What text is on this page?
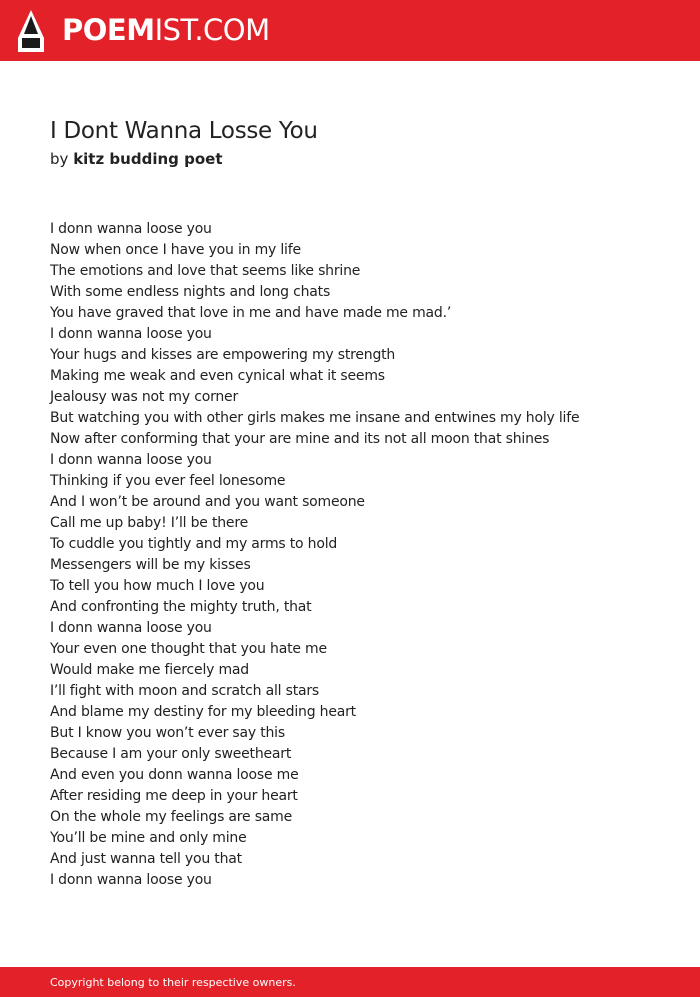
POEMIST.COM
I Dont Wanna Losse You
by kitz budding poet
I donn wanna loose you
Now when once I have you in my life
The emotions and love that seems like shrine
With some endless nights and long chats
You have graved that love in me and have made me mad.’
I donn wanna loose you
Your hugs and kisses are empowering my strength
Making me weak and even cynical what it seems
Jealousy was not my corner
But watching you with other girls makes me insane and entwines my holy life
Now after conforming that your are mine and its not all moon that shines
I donn wanna loose you
Thinking if you ever feel lonesome
And I won’t be around and you want someone
Call me up baby! I’ll be there
To cuddle you tightly and my arms to hold
Messengers will be my kisses
To tell you how much I love you
And confronting the mighty truth, that
I donn wanna loose you
Your even one thought that you hate me
Would make me fiercely mad
I’ll fight with moon and scratch all stars
And blame my destiny for my bleeding heart
But I know you won’t ever say this
Because I am your only sweetheart
And even you donn wanna loose me
After residing me deep in your heart
On the whole my feelings are same
You’ll be mine and only mine
And just wanna tell you that
I donn wanna loose you
Copyright belong to their respective owners.
